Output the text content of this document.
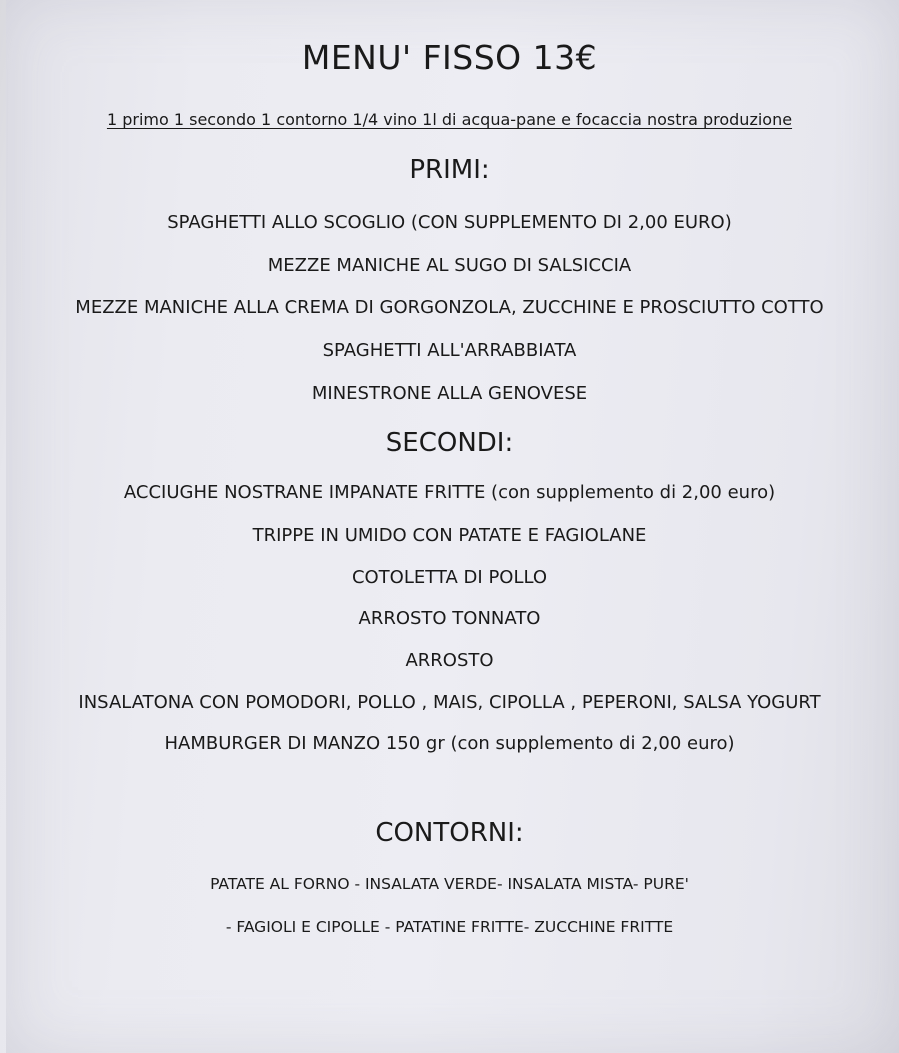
MENU' FISSO 13€
1 primo 1 secondo 1 contorno 1/4 vino 1l di acqua-pane e focaccia nostra produzione
PRIMI:
SPAGHETTI ALLO SCOGLIO (CON SUPPLEMENTO DI 2,00 EURO)
MEZZE MANICHE AL SUGO DI SALSICCIA
MEZZE MANICHE ALLA CREMA DI GORGONZOLA, ZUCCHINE E PROSCIUTTO COTTO
SPAGHETTI ALL'ARRABBIATA
MINESTRONE ALLA GENOVESE
SECONDI:
ACCIUGHE NOSTRANE IMPANATE FRITTE (con supplemento di 2,00 euro)
TRIPPE IN UMIDO CON PATATE E FAGIOLANE
COTOLETTA DI POLLO
ARROSTO TONNATO
ARROSTO
INSALATONA CON POMODORI, POLLO , MAIS, CIPOLLA , PEPERONI, SALSA YOGURT
HAMBURGER DI MANZO 150 gr (con supplemento di 2,00 euro)
CONTORNI:
PATATE AL FORNO - INSALATA VERDE- INSALATA MISTA- PURE'
- FAGIOLI E CIPOLLE - PATATINE FRITTE- ZUCCHINE FRITTE
